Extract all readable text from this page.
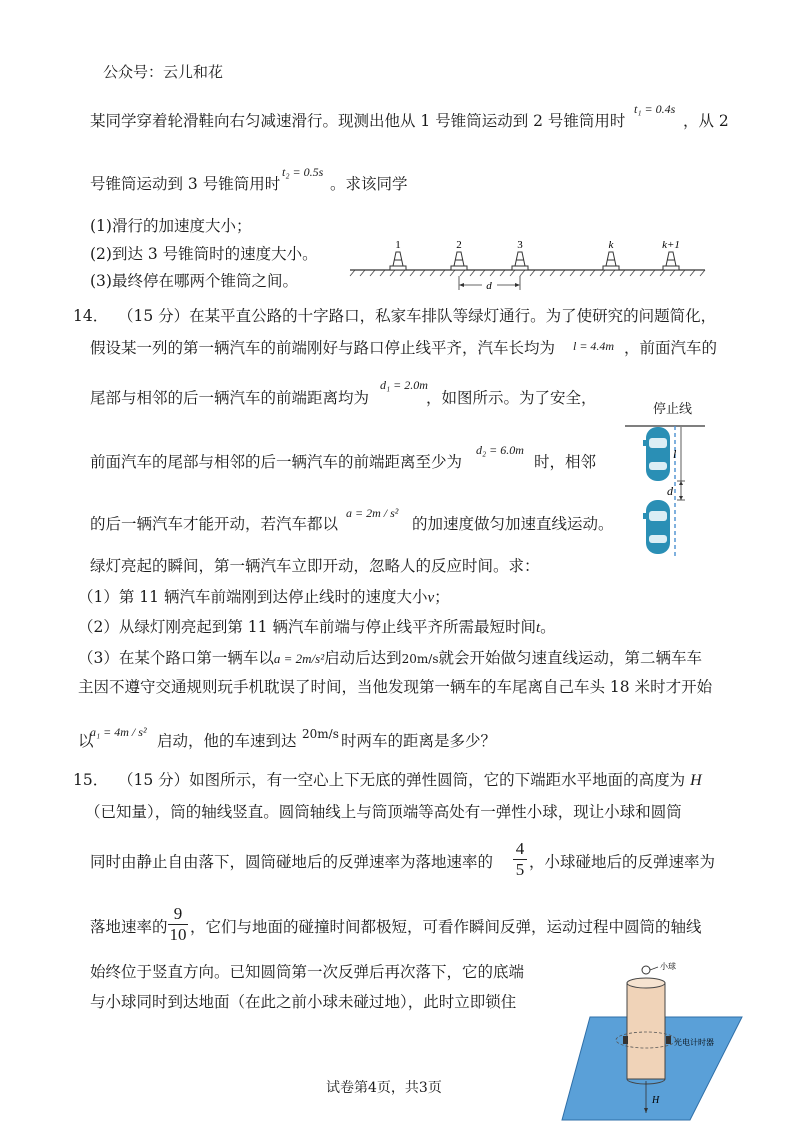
公众号：云儿和花
某同学穿着轮滑鞋向右匀减速滑行。现测出他从 1 号锥筒运动到 2 号锥筒用时
t₁ = 0.4s
，从 2
号锥筒运动到 3 号锥筒用时
t₂ = 0.5s
。求该同学
(1)滑行的加速度大小；
(2)到达 3 号锥筒时的速度大小。
(3)最终停在哪两个锥筒之间。
1	2	3	k	k+1
d
14． （15 分）在某平直公路的十字路口，私家车排队等绿灯通行。为了使研究的问题简化，
假设某一列的第一辆汽车的前端刚好与路口停止线平齐，汽车长均为 l = 4.4m ，前面汽车的
尾部与相邻的后一辆汽车的前端距离均为
d₁ = 2.0m
，如图所示。为了安全，
前面汽车的尾部与相邻的后一辆汽车的前端距离至少为
d₂ = 6.0m
时，相邻
的后一辆汽车才能开动，若汽车都以
a = 2m / s²
的加速度做匀加速直线运动。
绿灯亮起的瞬间，第一辆汽车立即开动，忽略人的反应时间。求：
（1）第 11 辆汽车前端刚到达停止线时的速度大小v；
（2）从绿灯刚亮起到第 11 辆汽车前端与停止线平齐所需最短时间t。
（3）在某个路口第一辆车以a = 2m/s²启动后达到20m/s就会开始做匀速直线运动，第二辆车车
主因不遵守交通规则玩手机耽误了时间，当他发现第一辆车的车尾离自己车头 18 米时才开始
以
a₁ = 4m / s² 启动，他的车速到达 20m/s 时两车的距离是多少？
停止线
l
d
15． （15 分）如图所示，有一空心上下无底的弹性圆筒，它的下端距水平地面的高度为 H
（已知量），筒的轴线竖直。圆筒轴线上与筒顶端等高处有一弹性小球，现让小球和圆筒
同时由静止自由落下，圆筒碰地后的反弹速率为落地速率的
4
5 ，小球碰地后的反弹速率为
落地速率的
9
10 ，它们与地面的碰撞时间都极短，可看作瞬间反弹，运动过程中圆筒的轴线
始终位于竖直方向。已知圆筒第一次反弹后再次落下，它的底端
与小球同时到达地面（在此之前小球未碰过地），此时立即锁住
小球
光电计时器
H
试卷第4页，共3页
